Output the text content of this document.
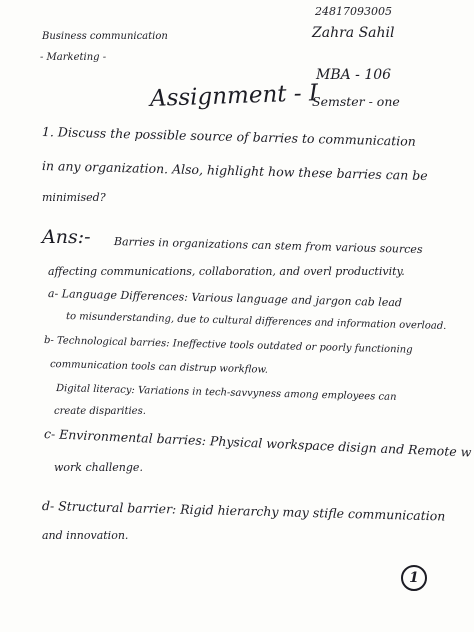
24817093005

Zahra Sahil

Business communication

- Marketing -

MBA - 106

Semster - one

Assignment - I

1. Discuss the possible source of barries to communication

in any organization. Also, highlight how these barries can be

minimised?

Ans:- Barries in organizations can stem from various sources

affecting communications, collaboration, and overl productivity.

a- Language Differences: Various language and jargon cab lead

to misunderstanding, due to cultural differences and information overload.

b- Technological barries: Ineffective tools outdated or poorly functioning

communication tools can distrup workflow.

Digital literacy: Variations in tech-savvyness among employees can

create disparities.

c- Environmental barries: Physical workspace disign and Remote w

work challenge.

d- Structural barrier: Rigid hierarchy may stifle communication

and innovation.

1
